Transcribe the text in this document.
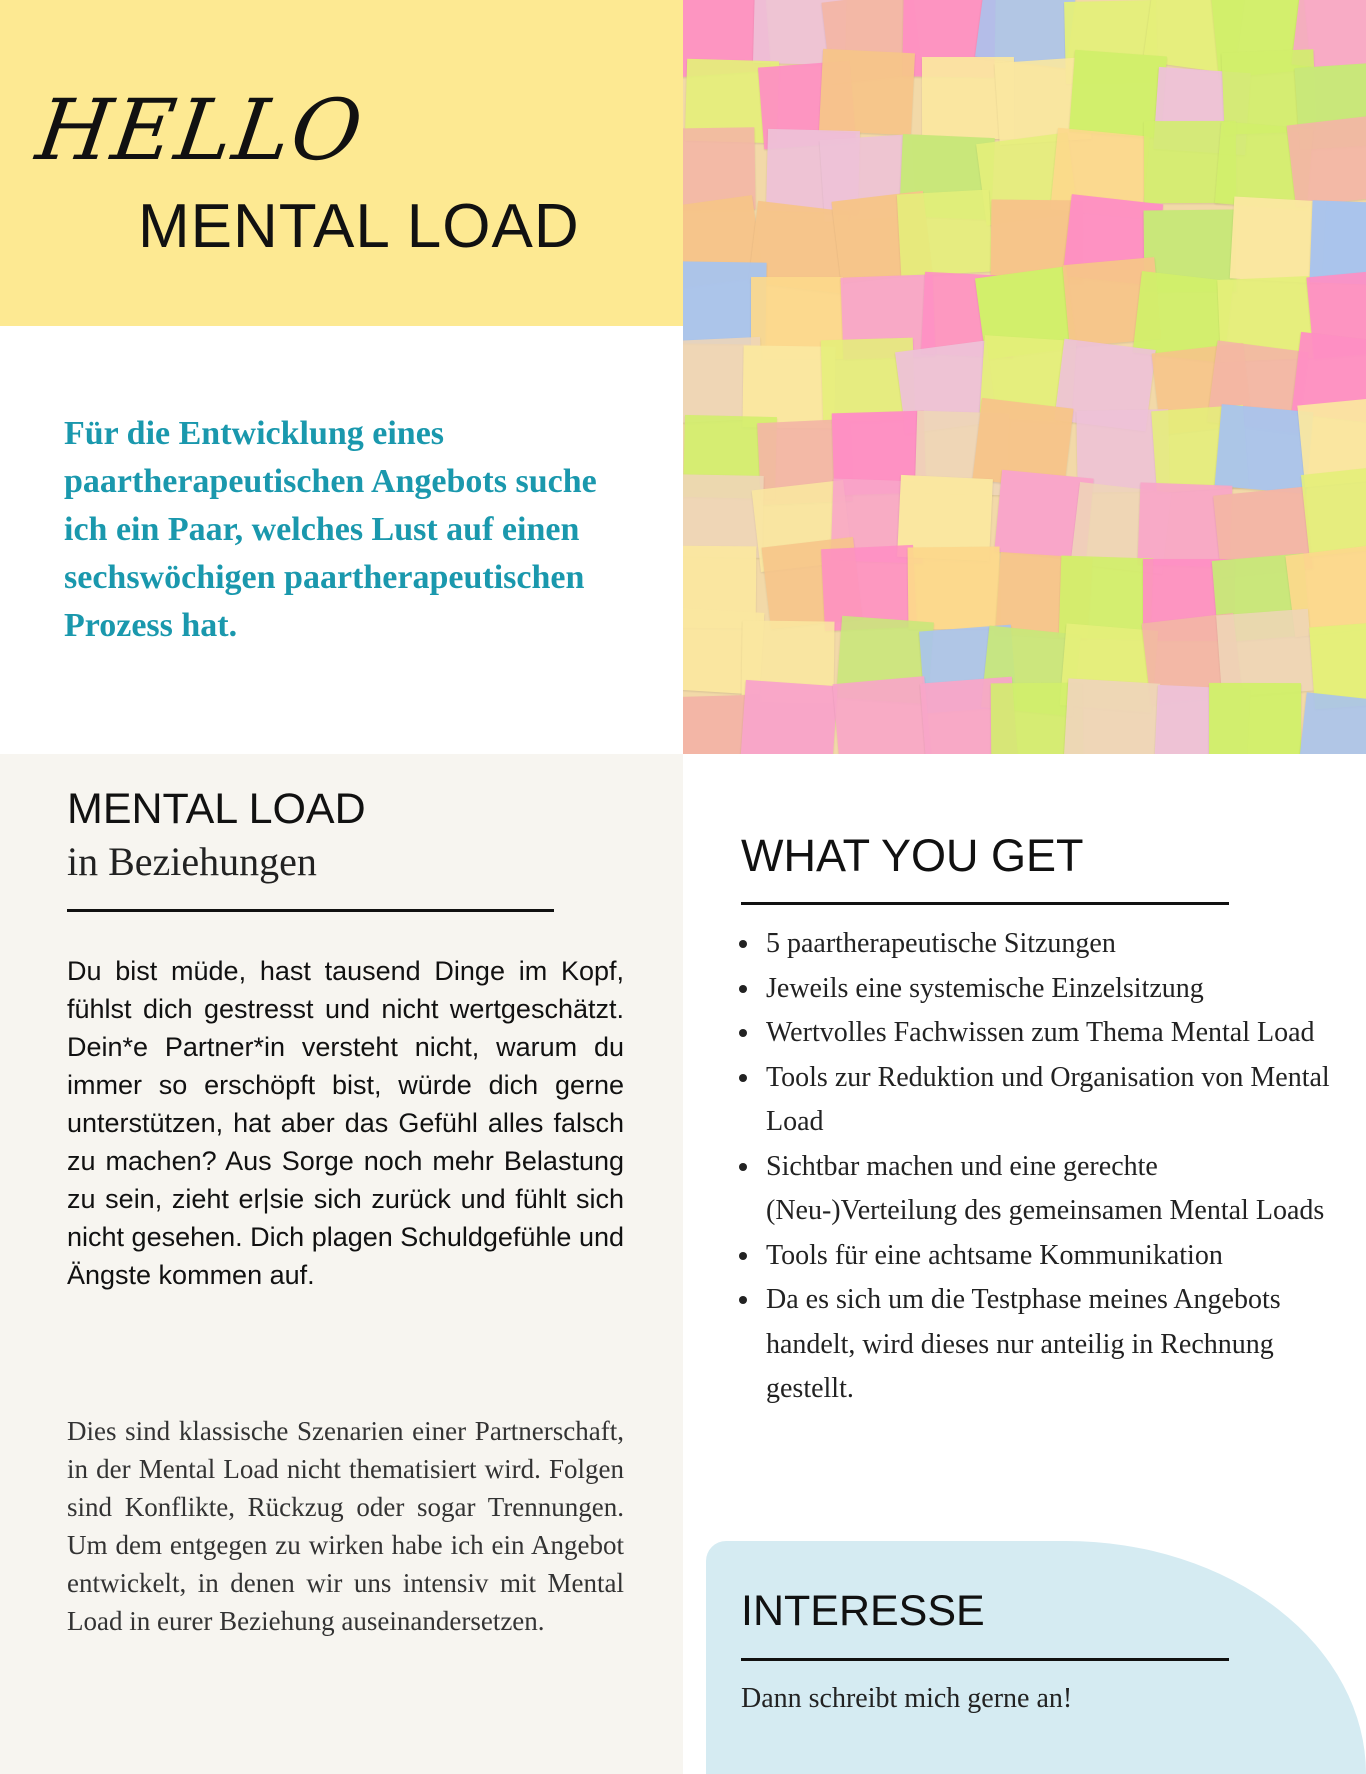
HELLO
MENTAL LOAD
Für die Entwicklung eines paartherapeutischen Angebots suche ich ein Paar, welches Lust auf einen sechswöchigen paartherapeutischen Prozess hat.
MENTAL LOAD
in Beziehungen
Du bist müde, hast tausend Dinge im Kopf, fühlst dich gestresst und nicht wertgeschätzt. Dein*e Partner*in versteht nicht, warum du immer so erschöpft bist, würde dich gerne unterstützen, hat aber das Gefühl alles falsch zu machen? Aus Sorge noch mehr Belastung zu sein, zieht er|sie sich zurück und fühlt sich nicht gesehen. Dich plagen Schuldgefühle und Ängste kommen auf.
Dies sind klassische Szenarien einer Partnerschaft, in der Mental Load nicht thematisiert wird. Folgen sind Konflikte, Rückzug oder sogar Trennungen. Um dem entgegen zu wirken habe ich ein Angebot entwickelt, in denen wir uns intensiv mit Mental Load in eurer Beziehung auseinandersetzen.
WHAT YOU GET
• 5 paartherapeutische Sitzungen
• Jeweils eine systemische Einzelsitzung
• Wertvolles Fachwissen zum Thema Mental Load
• Tools zur Reduktion und Organisation von Mental Load
• Sichtbar machen und eine gerechte (Neu-)Verteilung des gemeinsamen Mental Loads
• Tools für eine achtsame Kommunikation
• Da es sich um die Testphase meines Angebots handelt, wird dieses nur anteilig in Rechnung gestellt.
INTERESSE
Dann schreibt mich gerne an!
